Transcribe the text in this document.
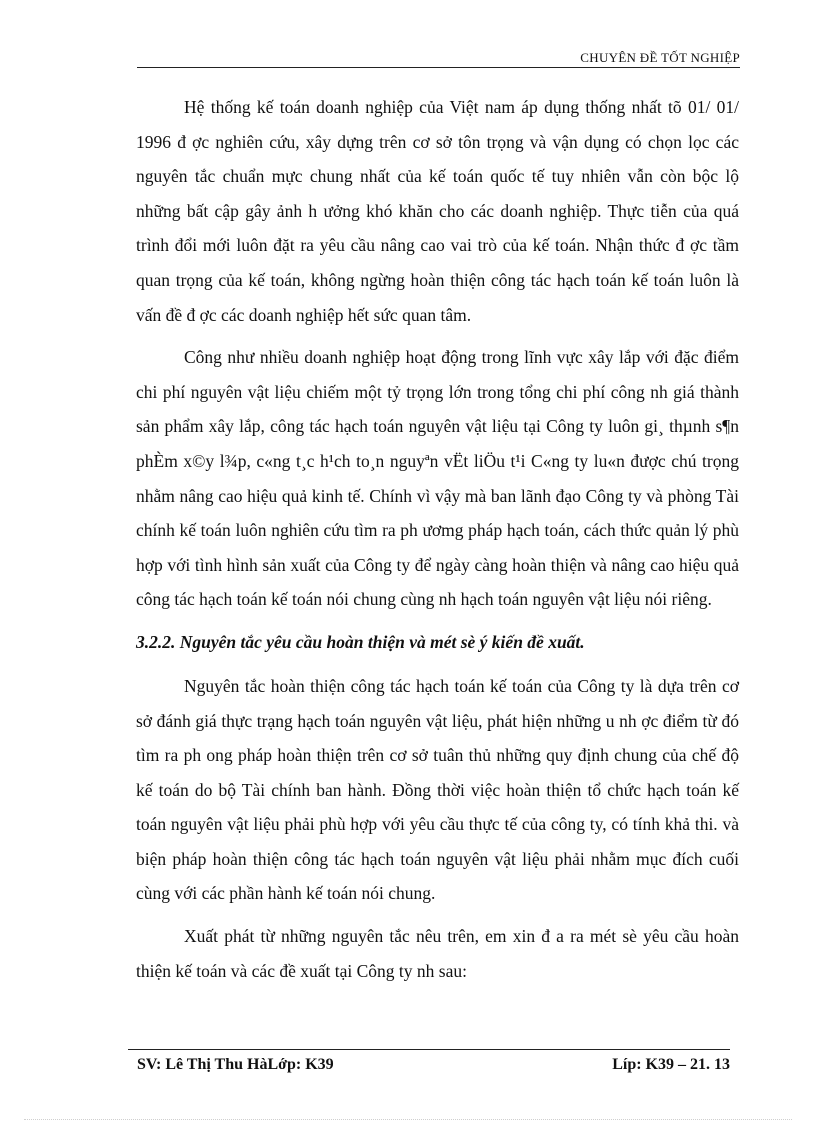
CHUYÊN ĐỀ TỐT NGHIỆP

Hệ thống kế toán doanh nghiệp của Việt nam áp dụng thống nhất tõ 01/ 01/ 1996 đ ợc nghiên cứu, xây dựng trên cơ sở tôn trọng và vận dụng có chọn lọc các nguyên tắc chuẩn mực chung nhất của kế toán quốc tế tuy nhiên vẫn còn bộc lộ những bất cập gây ảnh h ưởng khó khăn cho các doanh nghiệp. Thực tiễn của quá trình đổi mới luôn đặt ra yêu cầu nâng cao vai trò của kế toán. Nhận thức đ ợc tầm quan trọng của kế toán, không ngừng hoàn thiện công tác hạch toán kế toán luôn là vấn đề đ ợc các doanh nghiệp hết sức quan tâm.

Công như nhiều doanh nghiệp hoạt động trong lĩnh vực xây lắp với đặc điểm chi phí nguyên vật liệu chiếm một tỷ trọng lớn trong tổng chi phí công nh giá thành sản phẩm xây lắp, công tác hạch toán nguyên vật liệu tại Công ty luôn gi¸ thµnh s¶n phÈm x©y l¾p, c«ng t¸c h¹ch to¸n nguyªn vËt liÖu t¹i C«ng ty lu«n được chú trọng nhằm nâng cao hiệu quả kinh tế. Chính vì vậy mà ban lãnh đạo Công ty và phòng Tài chính kế toán luôn nghiên cứu tìm ra ph ươmg pháp hạch toán, cách thức quản lý phù hợp với tình hình sản xuất của Công ty để ngày càng hoàn thiện và nâng cao hiệu quả công tác hạch toán kế toán nói chung cùng nh hạch toán nguyên vật liệu nói riêng.

3.2.2. Nguyên tắc yêu cầu hoàn thiện và mét sè ý kiến đề xuất.

Nguyên tắc hoàn thiện công tác hạch toán kế toán của Công ty là dựa trên cơ sở đánh giá thực trạng hạch toán nguyên vật liệu, phát hiện những u nh ợc điểm từ đó tìm ra ph ong pháp hoàn thiện trên cơ sở tuân thủ những quy định chung của chế độ kế toán do bộ Tài chính ban hành. Đồng thời việc hoàn thiện tổ chức hạch toán kế toán nguyên vật liệu phải phù hợp với yêu cầu thực tế của công ty, có tính khả thi. và biện pháp hoàn thiện công tác hạch toán nguyên vật liệu phải nhằm mục đích cuối cùng với các phần hành kế toán nói chung.

Xuất phát từ những nguyên tắc nêu trên, em xin đ a ra mét sè yêu cầu hoàn thiện kế toán và các đề xuất tại Công ty nh sau:

SV: Lê Thị Thu HàLớp: K39	Líp: K39 – 21. 13
